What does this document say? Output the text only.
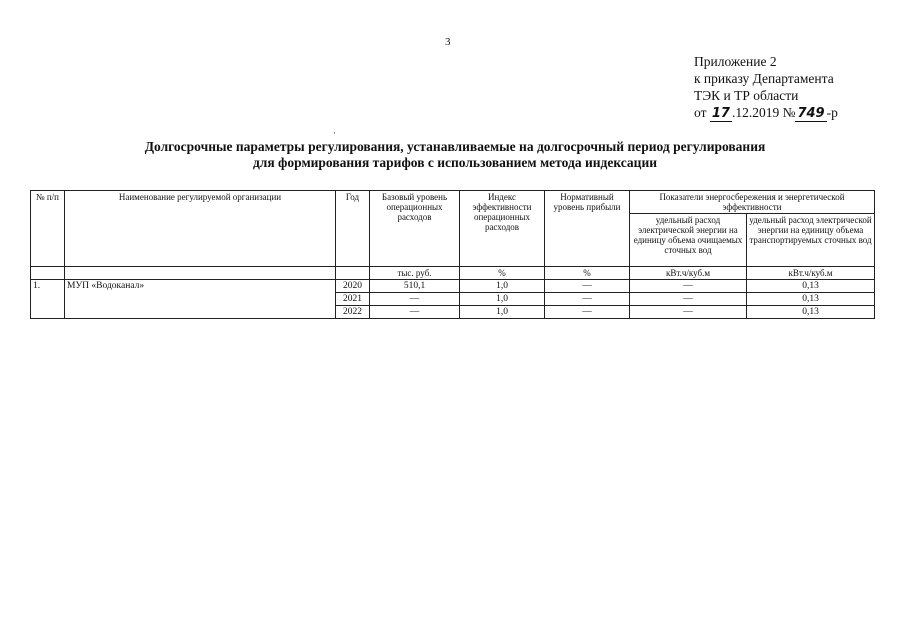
3
Приложение 2
к приказу Департамента
ТЭК и ТР области
от 17 .12.2019 № 749 -р
·
Долгосрочные параметры регулирования, устанавливаемые на долгосрочный период регулирования
для формирования тарифов с использованием метода индексации
№ п/п	Наименование регулируемой организации	Год	Базовый уровень операционных расходов	Индекс эффективности операционных расходов	Нормативный уровень прибыли	Показатели энергосбережения и энергетической эффективности	
						удельный расход электрической энергии на единицу объема очищаемых сточных вод	удельный расход электрической энергии на единицу объема транспортируемых сточных вод
			тыс. руб.	%	%	кВт.ч/куб.м	кВт.ч/куб.м
1.	МУП «Водоканал»	2020	510,1	1,0	—	—	0,13
		2021	—	1,0	—	—	0,13
		2022	—	1,0	—	—	0,13
